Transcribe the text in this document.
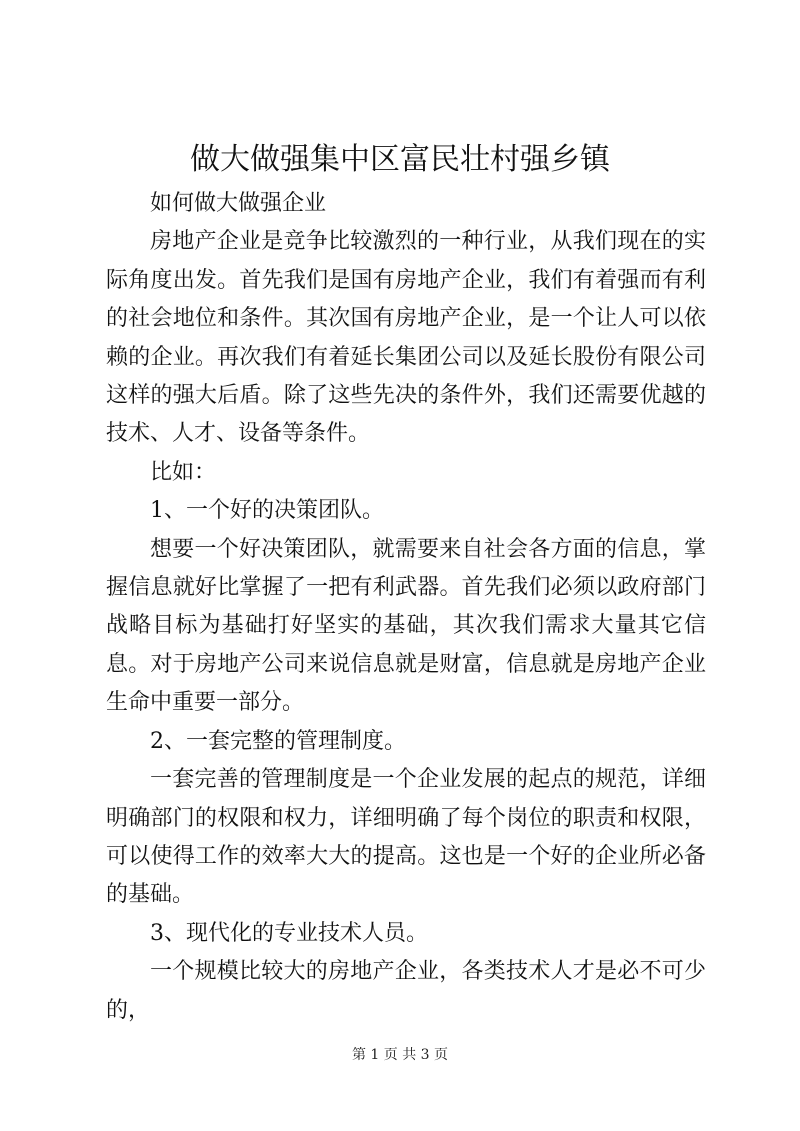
做大做强集中区富民壮村强乡镇

如何做大做强企业

房地产企业是竞争比较激烈的一种行业，从我们现在的实际角度出发。首先我们是国有房地产企业，我们有着强而有利的社会地位和条件。其次国有房地产企业，是一个让人可以依赖的企业。再次我们有着延长集团公司以及延长股份有限公司这样的强大后盾。除了这些先决的条件外，我们还需要优越的技术、人才、设备等条件。

比如：

1、一个好的决策团队。

想要一个好决策团队，就需要来自社会各方面的信息，掌握信息就好比掌握了一把有利武器。首先我们必须以政府部门战略目标为基础打好坚实的基础，其次我们需求大量其它信息。对于房地产公司来说信息就是财富，信息就是房地产企业生命中重要一部分。

2、一套完整的管理制度。

一套完善的管理制度是一个企业发展的起点的规范，详细明确部门的权限和权力，详细明确了每个岗位的职责和权限，可以使得工作的效率大大的提高。这也是一个好的企业所必备的基础。

3、现代化的专业技术人员。

一个规模比较大的房地产企业，各类技术人才是必不可少的，

第 1 页 共 3 页
